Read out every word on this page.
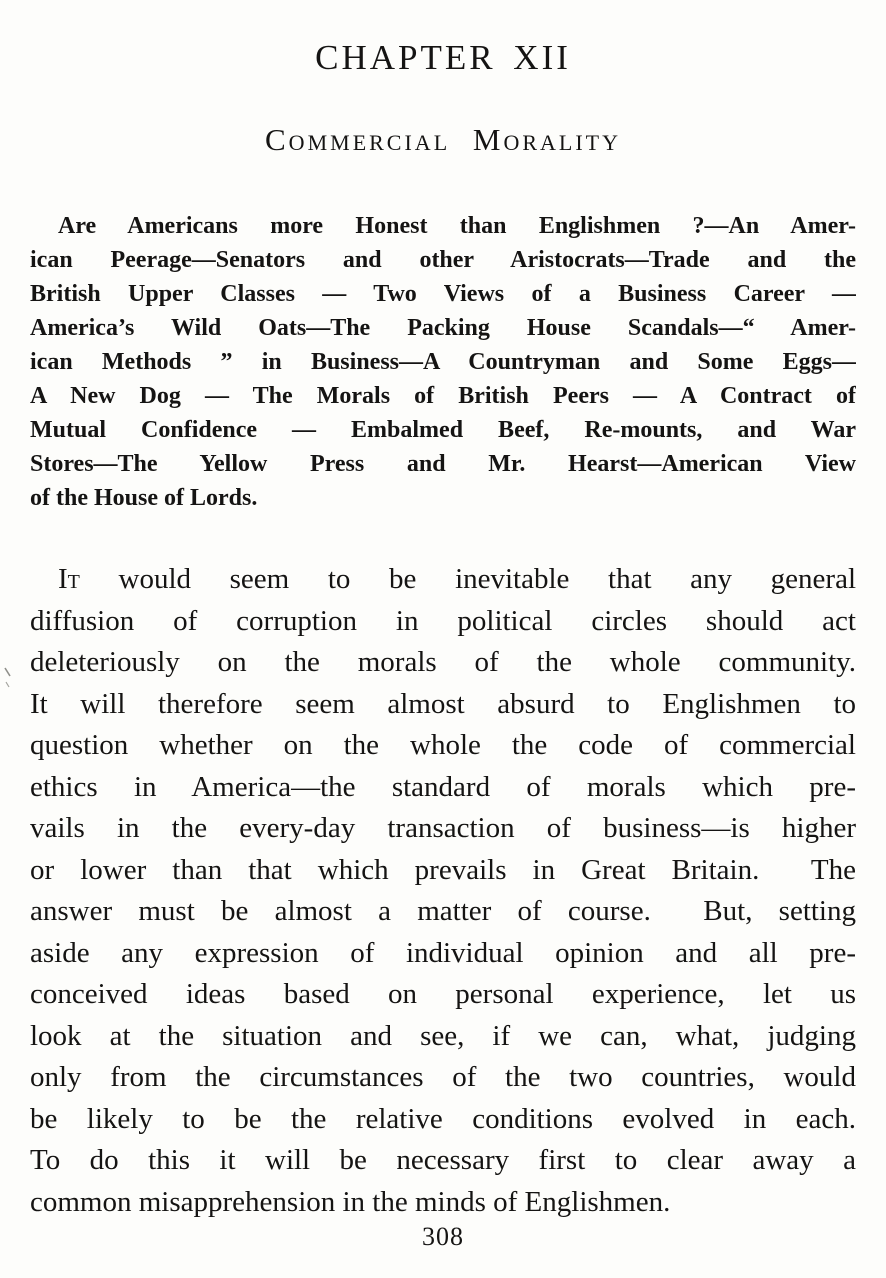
CHAPTER XII
Commercial Morality
Are Americans more Honest than Englishmen ?—An Amer-
ican Peerage—Senators and other Aristocrats—Trade and the
British Upper Classes — Two Views of a Business Career —
America’s Wild Oats—The Packing House Scandals—“ Amer-
ican Methods ” in Business—A Countryman and Some Eggs—
A New Dog — The Morals of British Peers — A Contract of
Mutual Confidence — Embalmed Beef, Re-mounts, and War
Stores—The Yellow Press and Mr. Hearst—American View
of the House of Lords.
It would seem to be inevitable that any general
diffusion of corruption in political circles should act
deleteriously on the morals of the whole community.
It will therefore seem almost absurd to Englishmen to
question whether on the whole the code of commercial
ethics in America—the standard of morals which pre-
vails in the every-day transaction of business—is higher
or lower than that which prevails in Great Britain.  The
answer must be almost a matter of course.  But, setting
aside any expression of individual opinion and all pre-
conceived ideas based on personal experience, let us
look at the situation and see, if we can, what, judging
only from the circumstances of the two countries, would
be likely to be the relative conditions evolved in each.
To do this it will be necessary first to clear away a
common misapprehension in the minds of Englishmen.
308
